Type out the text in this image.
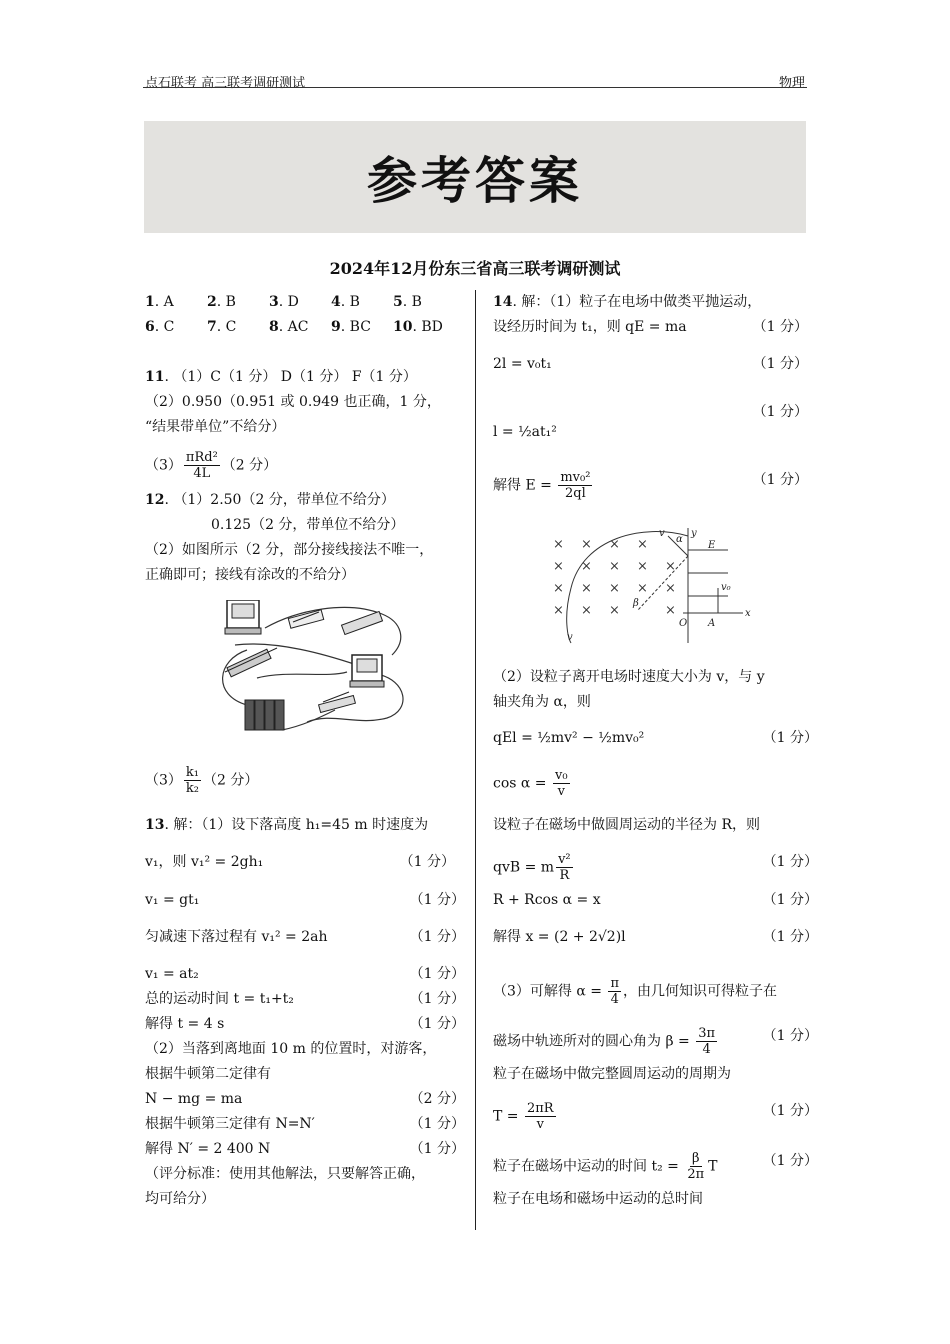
点石联考 高三联考调研测试	物理
参考答案
2024年12月份东三省高三联考调研测试
1. A 2. B 3. D 4. B 5. B
6. C 7. C 8. AC 9. BC 10. BD
11. （1）C（1 分） D（1 分） F（1 分）
（2）0.950（0.951 或 0.949 也正确，1 分，
“结果带单位”不给分）
$(3) \frac{\text{πRd²}}{4L} (2$ 分）
12. （1）2.50（2 分，带单位不给分）
0.125（2 分，带单位不给分）
（2）如图所示（2 分，部分接线接法不唯一，
正确即可；接线有涂改的不给分）
$(3) \frac{\text{k₁}}{\text{k₂}} (2$ 分）
13. 解：（1）设下落高度 h₁=45 m 时速度为
v₁，则 v₁² = 2gh₁	（1 分）
v₁ = gt₁	（1 分）
匀减速下落过程有 v₁² = 2ah	（1 分）
v₁ = at₂	（1 分）
总的运动时间 t = t₁+t₂	（1 分）
解得 t = 4 s	（1 分）
（2）当落到离地面 10 m 的位置时，对游客，
根据牛顿第二定律有
N − mg = ma	（2 分）
根据牛顿第三定律有 N=N′	（1 分）
解得 N′ = 2 400 N	（1 分）
（评分标准：使用其他解法，只要解答正确，
均可给分）
14. 解：（1）粒子在电场中做类平抛运动，
设经历时间为 t₁，则 qE = ma	（1 分）
2l = v₀t₁	（1 分）
（1 分）
l = ½at₁²
解得 $E = \frac{\text{mv₀²}}{2ql}$	（1 分）
× × × ×
× × × × ×
× × × × ×
× × ×	×
E
v₀
x
y
O A
α
β
v
v
（2）设粒子离开电场时速度大小为 v，与 y
轴夹角为 α，则
qEl = ½mv² − ½mv₀²	（1 分）
$\cos \alpha = \frac{\text{v₀}}{v}$
设粒子在磁场中做圆周运动的半径为 R，则
qvB = m $\frac{\text{v²}}{R}$	（1 分）
R + Rcos α = x	（1 分）
解得 x = (2 + 2√2)l	（1 分）
（3）可解得 $\alpha = \frac{\pi}{4}$ ，由几何知识可得粒子在
磁场中轨迹所对的圆心角为 $\beta = \frac{3\pi}{4}$	（1 分）
粒子在磁场中做完整圆周运动的周期为
$T = \frac{2\pi R}{v}$	（1 分）
粒子在磁场中运动的时间 $t_2 = \frac{\beta}{2\pi}$ T	（1 分）
粒子在电场和磁场中运动的总时间
